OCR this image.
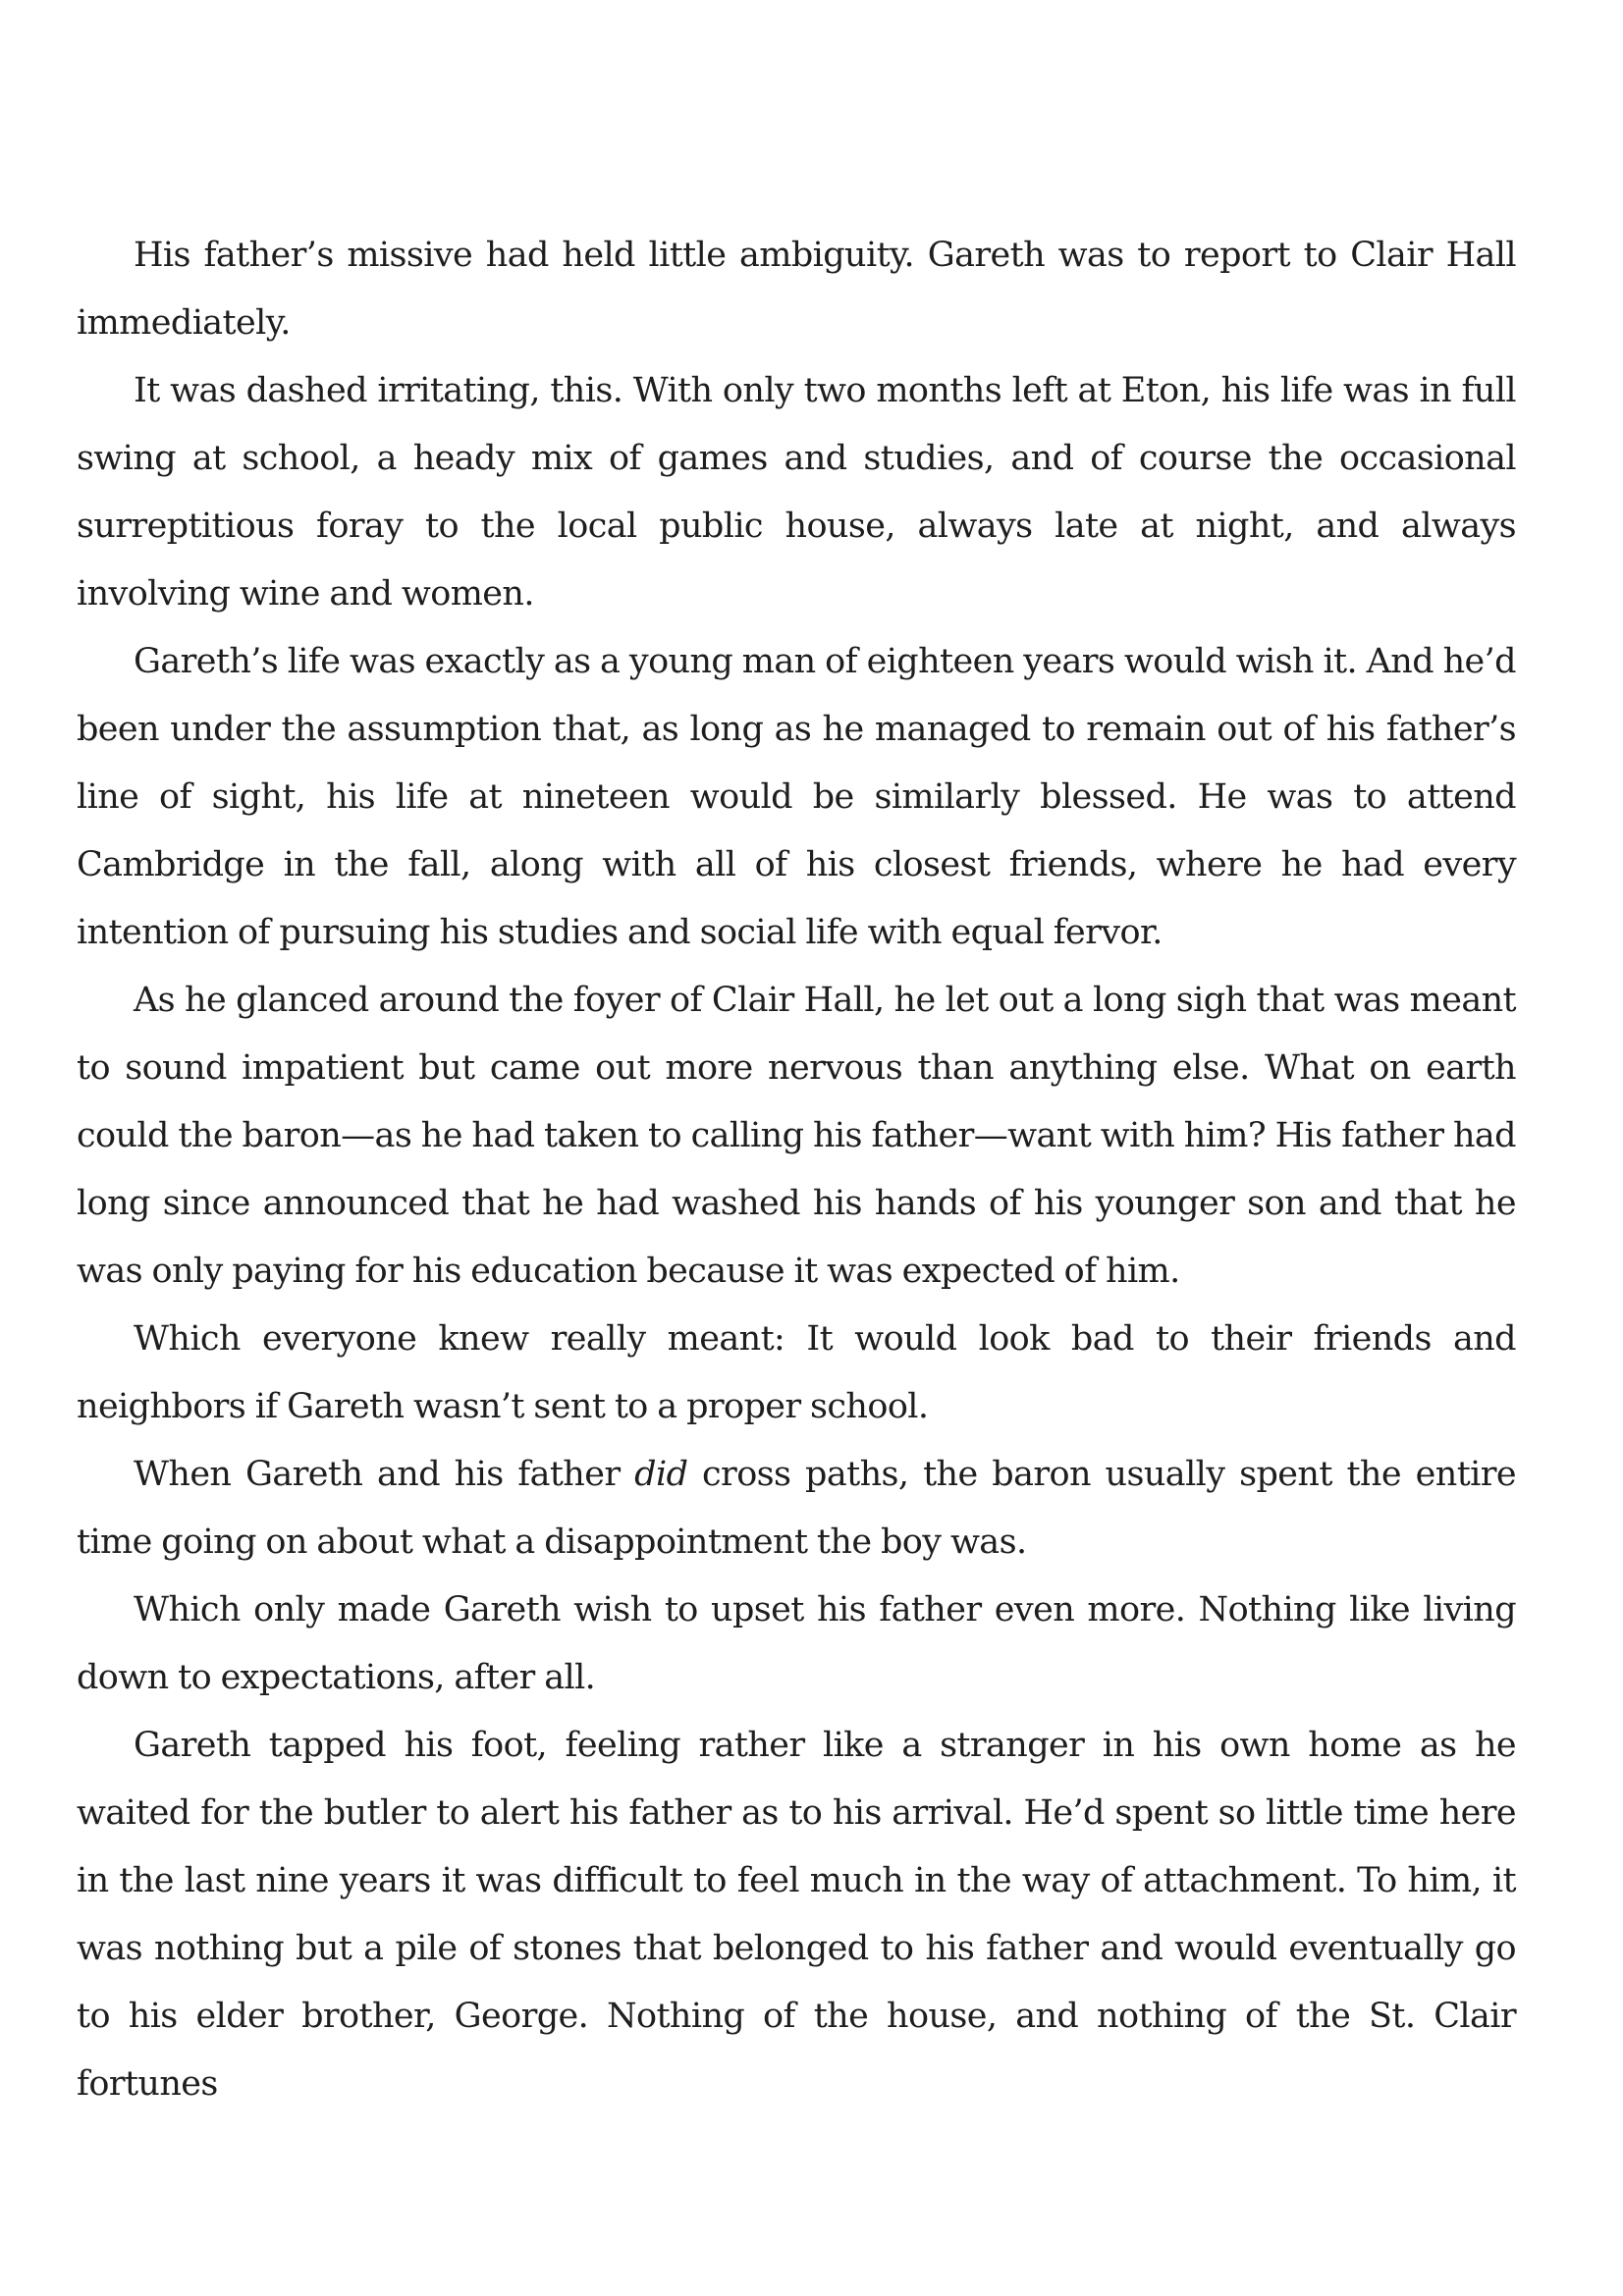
His father’s missive had held little ambiguity. Gareth was to report to Clair Hall immediately.

It was dashed irritating, this. With only two months left at Eton, his life was in full swing at school, a heady mix of games and studies, and of course the occasional surreptitious foray to the local public house, always late at night, and always involving wine and women.

Gareth’s life was exactly as a young man of eighteen years would wish it. And he’d been under the assumption that, as long as he managed to remain out of his father’s line of sight, his life at nineteen would be similarly blessed. He was to attend Cambridge in the fall, along with all of his closest friends, where he had every intention of pursuing his studies and social life with equal fervor.

As he glanced around the foyer of Clair Hall, he let out a long sigh that was meant to sound impatient but came out more nervous than anything else. What on earth could the baron—as he had taken to calling his father—want with him? His father had long since announced that he had washed his hands of his younger son and that he was only paying for his education because it was expected of him.

Which everyone knew really meant: It would look bad to their friends and neighbors if Gareth wasn’t sent to a proper school.

When Gareth and his father did cross paths, the baron usually spent the entire time going on about what a disappointment the boy was.

Which only made Gareth wish to upset his father even more. Nothing like living down to expectations, after all.

Gareth tapped his foot, feeling rather like a stranger in his own home as he waited for the butler to alert his father as to his arrival. He’d spent so little time here in the last nine years it was difficult to feel much in the way of attachment. To him, it was nothing but a pile of stones that belonged to his father and would eventually go to his elder brother, George. Nothing of the house, and nothing of the St. Clair fortunes
